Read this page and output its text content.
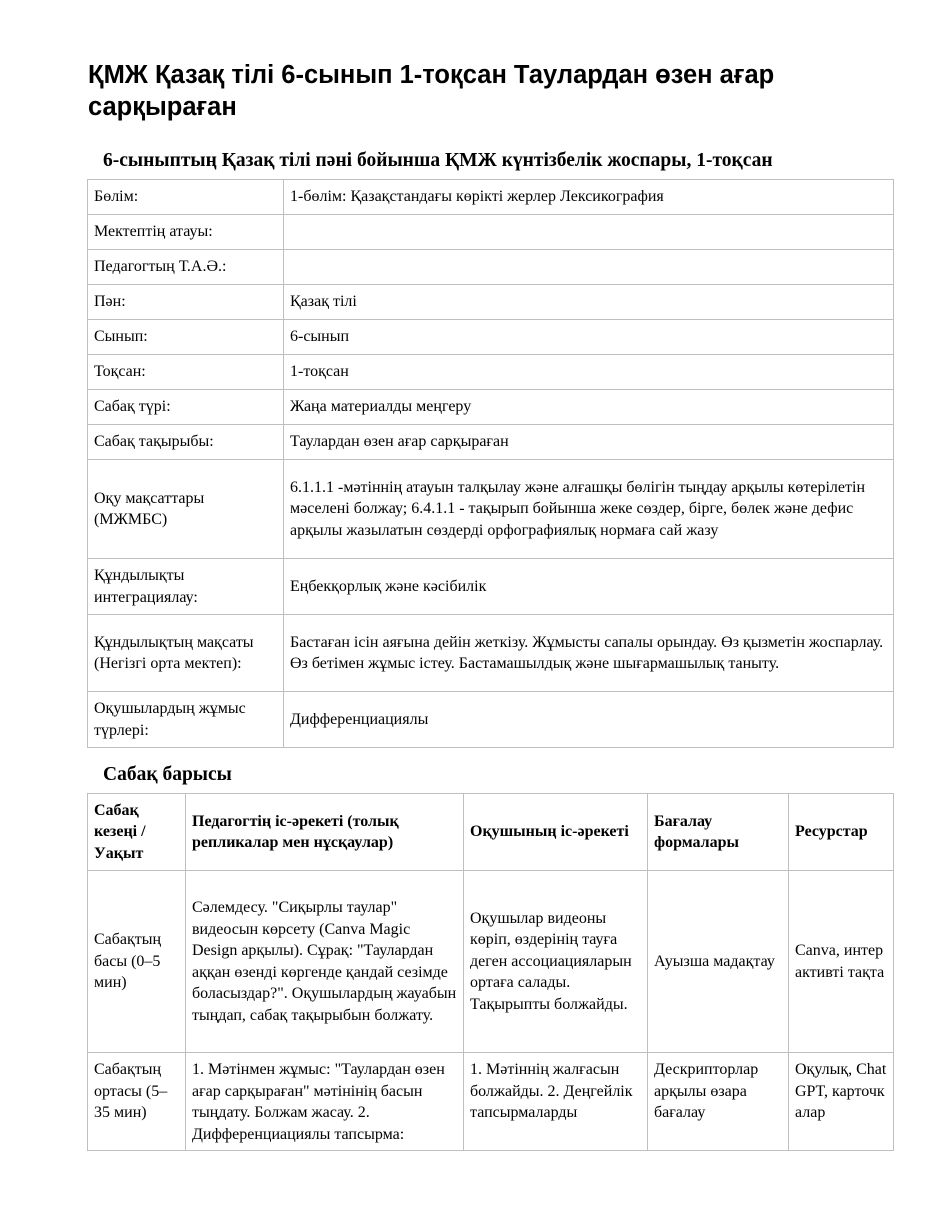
ҚМЖ Қазақ тілі 6-сынып 1-тоқсан Таулардан өзен ағар сарқыраған
6-сыныптың Қазақ тілі пәні бойынша ҚМЖ күнтізбелік жоспары, 1-тоқсан
Бөлім:	1-бөлім: Қазақстандағы көрікті жерлер Лексикография
Мектептің атауы:	
Педагогтың Т.А.Ә.:	
Пән:	Қазақ тілі
Сынып:	6-сынып
Тоқсан:	1-тоқсан
Сабақ түрі:	Жаңа материалды меңгеру
Сабақ тақырыбы:	Таулардан өзен ағар сарқыраған
Оқу мақсаттары (МЖМБС)	6.1.1.1 -мәтіннің атауын талқылау және алғашқы бөлігін тыңдау арқылы көтерілетін мәселені болжау; 6.4.1.1 - тақырып бойынша жеке сөздер, бірге, бөлек және дефис арқылы жазылатын сөздерді орфографиялық нормаға сай жазу
Құндылықты интеграциялау:	Еңбекқорлық және кәсібилік
Құндылықтың мақсаты (Негізгі орта мектеп):	Бастаған ісін аяғына дейін жеткізу. Жұмысты сапалы орындау. Өз қызметін жоспарлау. Өз бетімен жұмыс істеу. Бастамашылдық және шығармашылық таныту.
Оқушылардың жұмыс түрлері:	Дифференциациялы
Сабақ барысы
Сабақ кезеңі / Уақыт	Педагогтің іс-әрекеті (толық репликалар мен нұсқаулар)	Оқушының іс-әрекеті	Бағалау формалары	Ресурстар
Сабақтың басы (0–5 мин)	Сәлемдесу. "Сиқырлы таулар" видеосын көрсету (Canva Magic Design арқылы). Сұрақ: "Таулардан аққан өзенді көргенде қандай сезімде боласыздар?". Оқушылардың жауабын тыңдап, сабақ тақырыбын болжату.	Оқушылар видеоны көріп, өздерінің тауға деген ассоциацияларын ортаға салады. Тақырыпты болжайды.	Ауызша мадақтау	Canva, интерактивті тақта
Сабақтың ортасы (5–35 мин)	1. Мәтінмен жұмыс: "Таулардан өзен ағар сарқыраған" мәтінінің басын тыңдату. Болжам жасау. 2. Дифференциациялы тапсырма:	1. Мәтіннің жалғасын болжайды. 2. Деңгейлік тапсырмаларды	Дескрипторлар арқылы өзара бағалау	Оқулық, ChatGPT, карточкалар
